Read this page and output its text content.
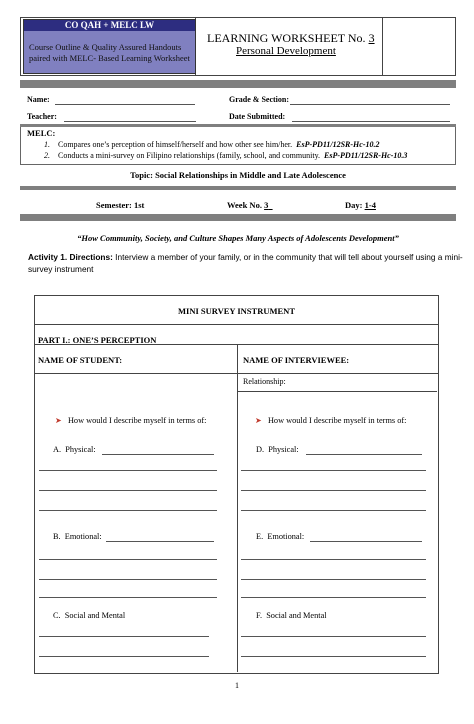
CO QAH + MELC LW
Course Outline & Quality Assured Handouts
paired with MELC- Based Learning Worksheet
LEARNING WORKSHEET No. 3
Personal Development
Name:	Grade & Section:
Teacher:	Date Submitted:
MELC:
1. Compares one’s perception of himself/herself and how other see him/her. EsP-PD11/12SR-Hc-10.2
2. Conducts a mini-survey on Filipino relationships (family, school, and community. EsP-PD11/12SR-Hc-10.3
Topic: Social Relationships in Middle and Late Adolescence
Semester: 1st	Week No. 3	Day: 1-4
“How Community, Society, and Culture Shapes Many Aspects of Adolescents Development”
Activity 1. Directions: Interview a member of your family, or in the community that will tell about yourself using a mini-
survey instrument
MINI SURVEY INSTRUMENT
PART I.: ONE’S PERCEPTION
NAME OF STUDENT:	NAME OF INTERVIEWEE:
Relationship:
➤ How would I describe myself in terms of:
A. Physical:
B. Emotional:
C. Social and Mental
➤ How would I describe myself in terms of:
D. Physical:
E. Emotional:
F. Social and Mental
1
